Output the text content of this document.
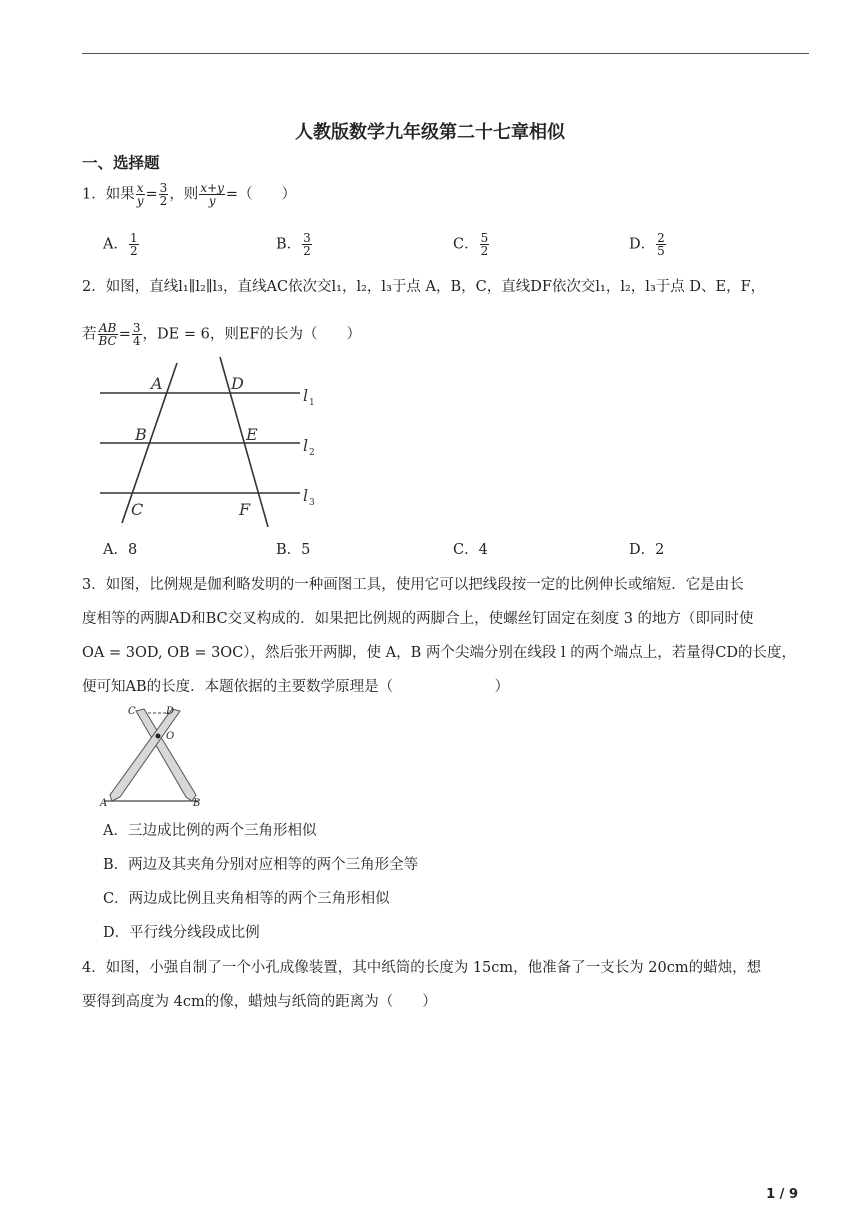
人教版数学九年级第二十七章相似
一、选择题
1．如果 $\frac{x}{y} = \frac{3}{2}$ ，则 $\frac{x+y}{y}$ =（　　）
A． $\frac{1}{2}$	B． $\frac{3}{2}$	C． $\frac{5}{2}$	D． $\frac{2}{5}$
2．如图，直线l₁∥l₂∥l₃，直线AC依次交l₁，l₂，l₃于点 A，B，C，直线DF依次交l₁，l₂，l₃于点 D、E，F，
若 $\frac{AB}{BC} = \frac{3}{4}$ ，DE = 6，则EF的长为（　　）
A	D
B	E
C	F
l
l
l
1
2
3
A．8	B．5	C．4	D．2
3．如图，比例规是伽利略发明的一种画图工具，使用它可以把线段按一定的比例伸长或缩短．它是由长
度相等的两脚AD和BC交叉构成的．如果把比例规的两脚合上，使螺丝钉固定在刻度 3 的地方（即同时使
OA = 3OD, OB = 3OC），然后张开两脚，使 A，B 两个尖端分别在线段 l 的两个端点上，若量得CD的长度，
便可知AB的长度．本题依据的主要数学原理是（　　　　　　　）
C	D
O
A	B
A．三边成比例的两个三角形相似
B．两边及其夹角分别对应相等的两个三角形全等
C．两边成比例且夹角相等的两个三角形相似
D．平行线分线段成比例
4．如图，小强自制了一个小孔成像装置，其中纸筒的长度为 15cm，他准备了一支长为 20cm的蜡烛，想
要得到高度为 4cm的像，蜡烛与纸筒的距离为（　　）
1 / 9
